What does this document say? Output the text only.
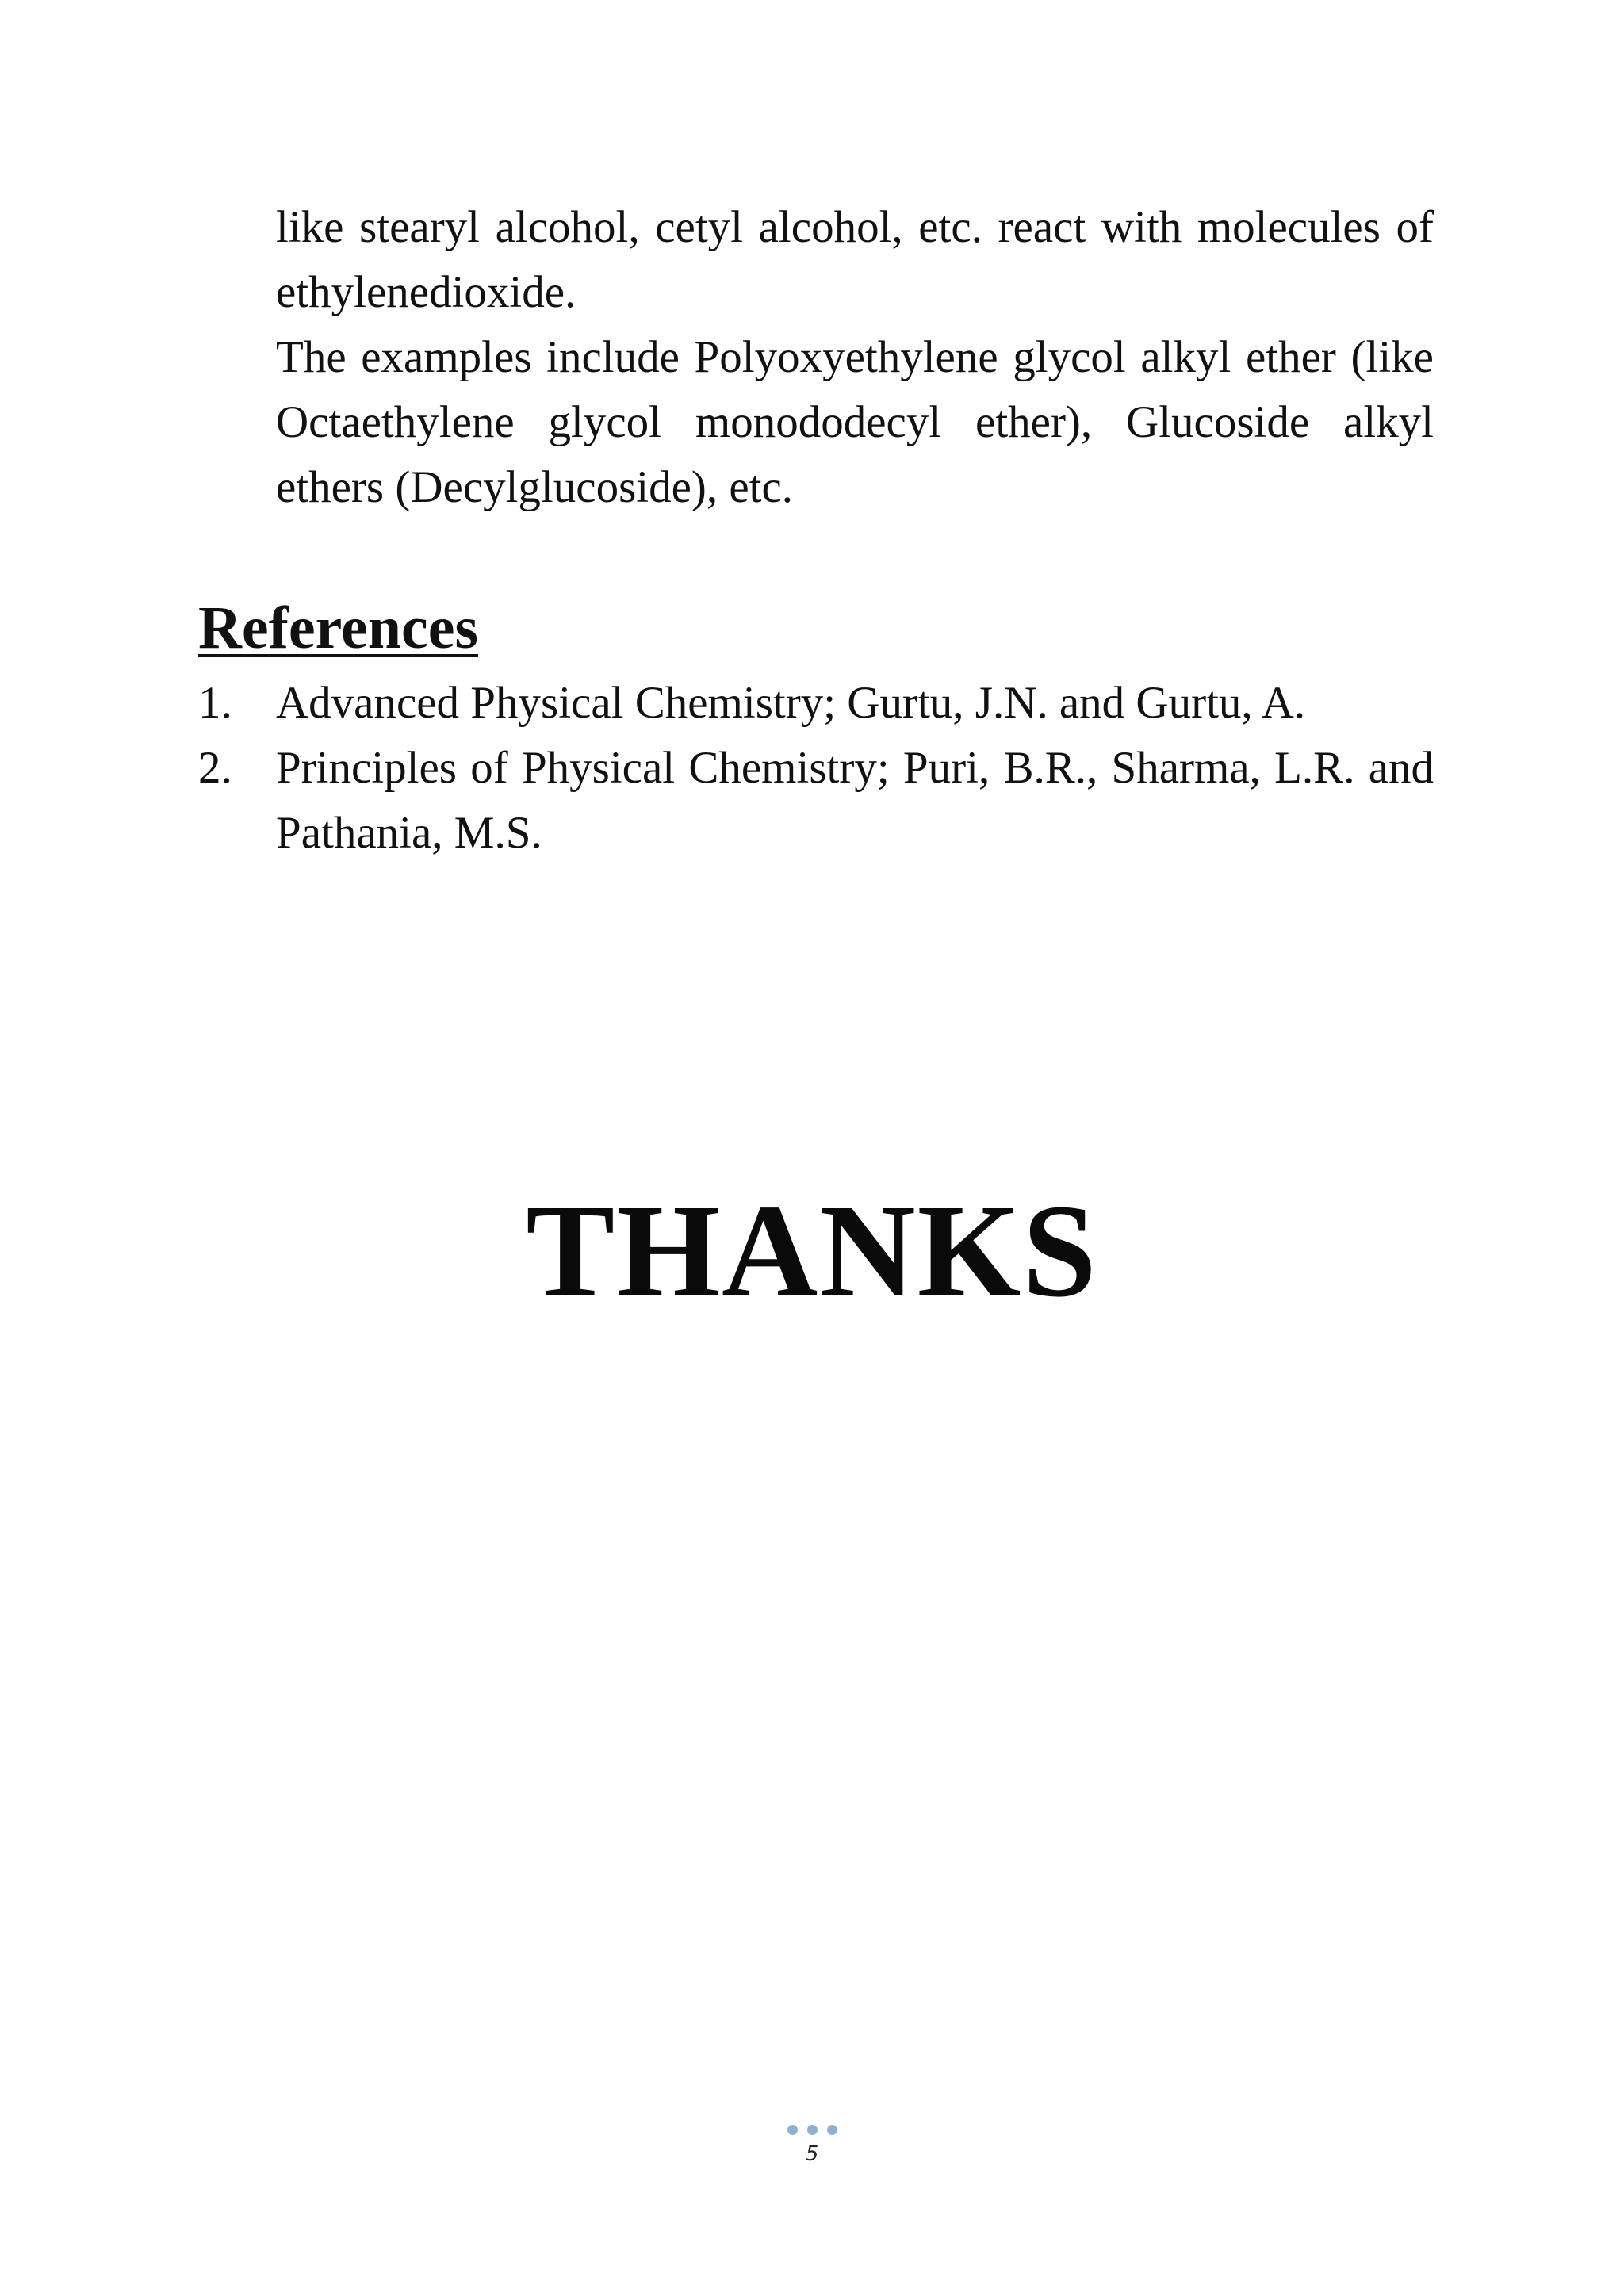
like stearyl alcohol, cetyl alcohol, etc. react with molecules of ethylenedioxide.

The examples include Polyoxyethylene glycol alkyl ether (like Octaethylene glycol monododecyl ether), Glucoside alkyl ethers (Decylglucoside), etc.

References
1. Advanced Physical Chemistry; Gurtu, J.N. and Gurtu, A.
2. Principles of Physical Chemistry; Puri, B.R., Sharma, L.R. and Pathania, M.S.
THANKS
5
